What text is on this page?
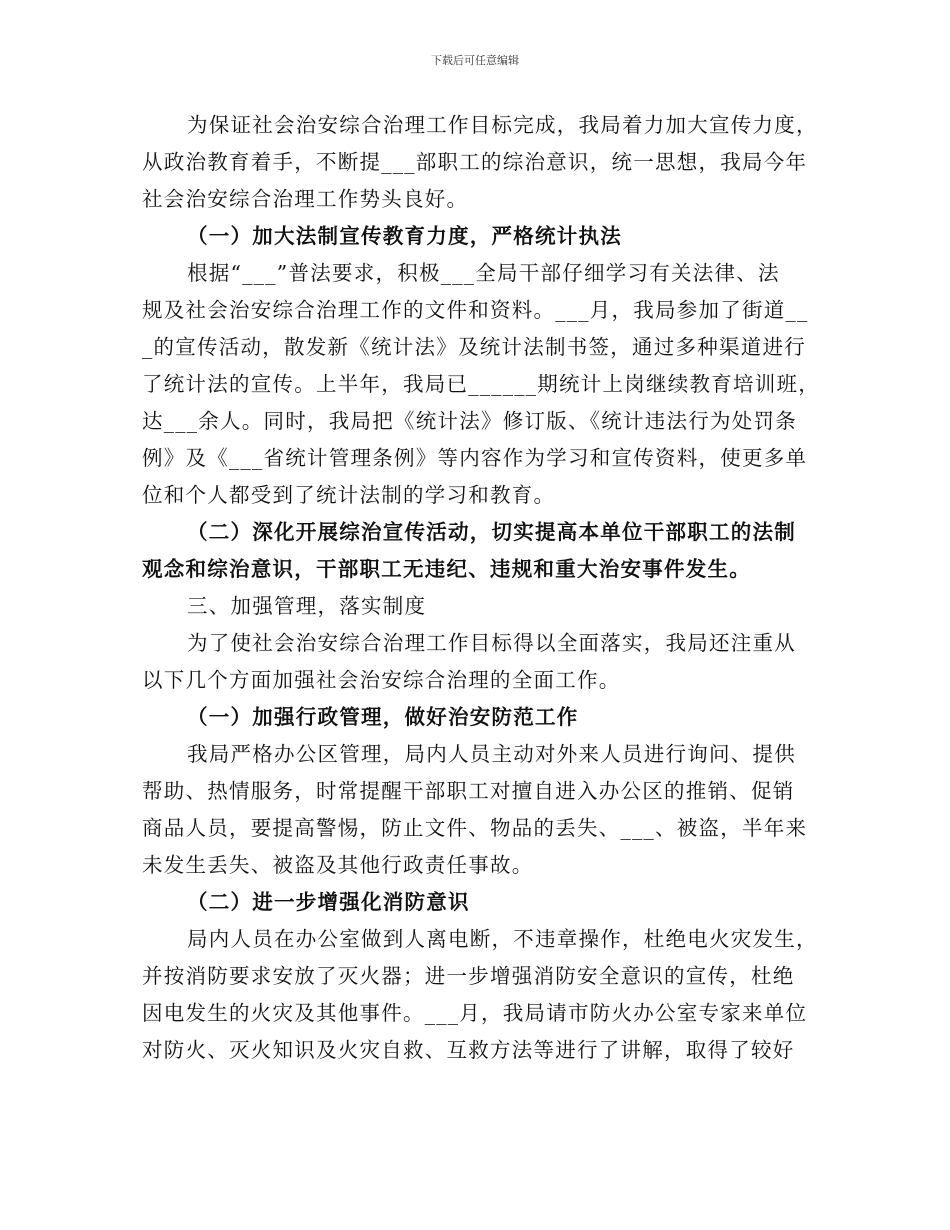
下载后可任意编辑
为保证社会治安综合治理工作目标完成，我局着力加大宣传力度，
从政治教育着手，不断提___部职工的综治意识，统一思想，我局今年
社会治安综合治理工作势头良好。
（一）加大法制宣传教育力度，严格统计执法
根据“___”普法要求，积极___全局干部仔细学习有关法律、法
规及社会治安综合治理工作的文件和资料。___月，我局参加了街道__
_的宣传活动，散发新《统计法》及统计法制书签，通过多种渠道进行
了统计法的宣传。上半年，我局已______期统计上岗继续教育培训班，
达___余人。同时，我局把《统计法》修订版、《统计违法行为处罚条
例》及《___省统计管理条例》等内容作为学习和宣传资料，使更多单
位和个人都受到了统计法制的学习和教育。
（二）深化开展综治宣传活动，切实提高本单位干部职工的法制
观念和综治意识，干部职工无违纪、违规和重大治安事件发生。
三、加强管理，落实制度
为了使社会治安综合治理工作目标得以全面落实，我局还注重从
以下几个方面加强社会治安综合治理的全面工作。
（一）加强行政管理，做好治安防范工作
我局严格办公区管理，局内人员主动对外来人员进行询问、提供
帮助、热情服务，时常提醒干部职工对擅自进入办公区的推销、促销
商品人员，要提高警惕，防止文件、物品的丢失、___、被盗，半年来
未发生丢失、被盗及其他行政责任事故。
（二）进一步增强化消防意识
局内人员在办公室做到人离电断，不违章操作，杜绝电火灾发生，
并按消防要求安放了灭火器；进一步增强消防安全意识的宣传，杜绝
因电发生的火灾及其他事件。___月，我局请市防火办公室专家来单位
对防火、灭火知识及火灾自救、互救方法等进行了讲解，取得了较好
